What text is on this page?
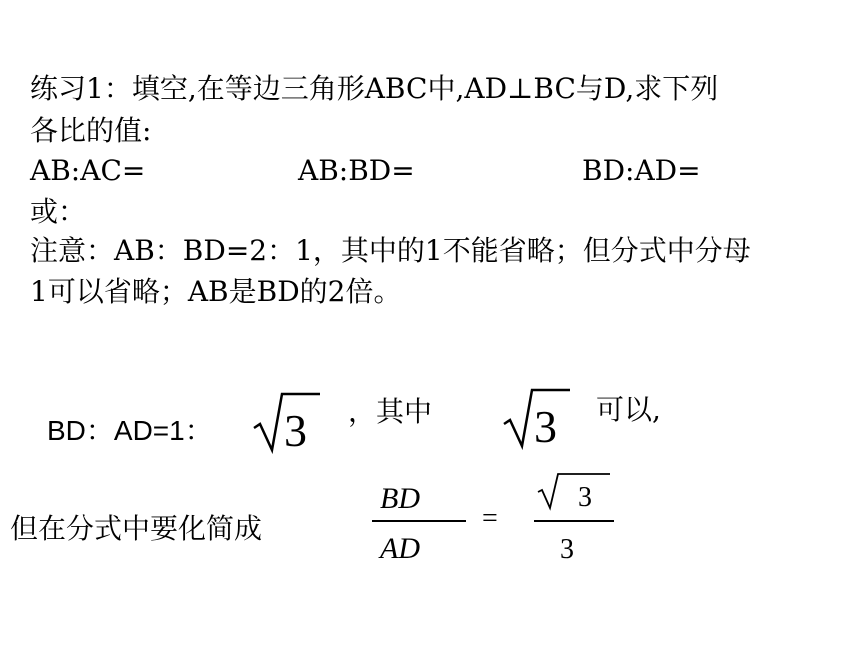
练习1：填空,在等边三角形ABC中,AD⊥BC与D,求下列
各比的值:
AB:AC=	AB:BD=	BD:AD=
或：
注意：AB：BD=2：1，其中的1不能省略；但分式中分母
1可以省略；AB是BD的2倍。
BD：AD=1： 3 ，其中 3 可以,
但在分式中要化简成
BD
AD
=
3
3
